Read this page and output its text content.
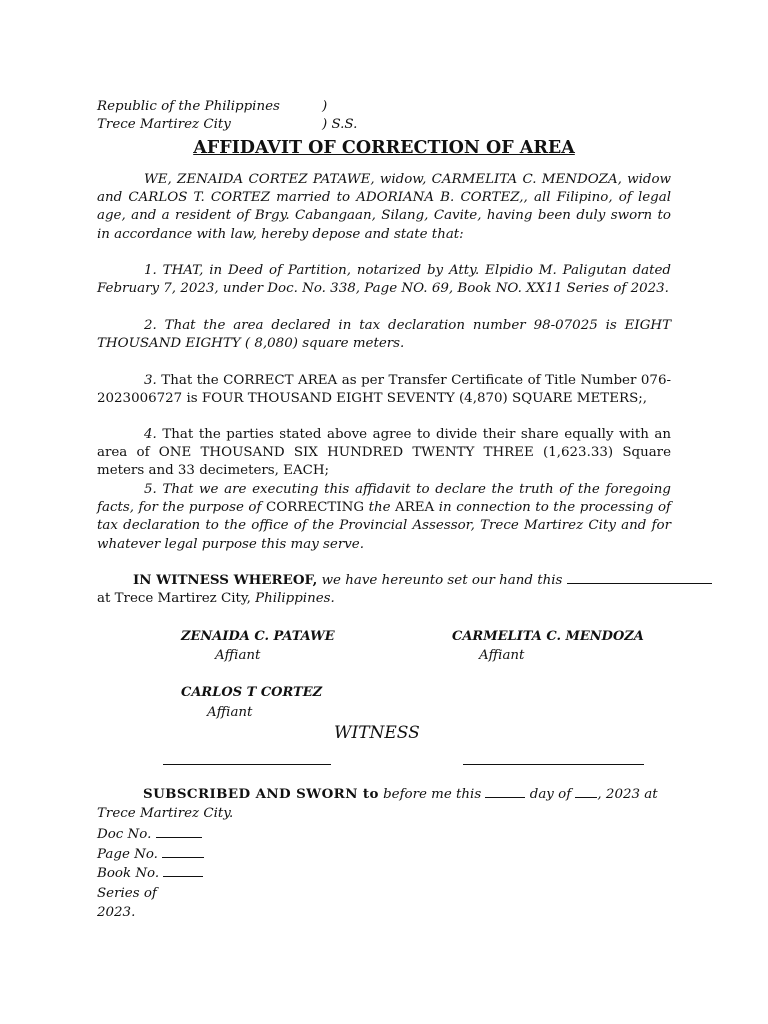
Republic of the Philippines	)
Trece Martirez City	) S.S.
AFFIDAVIT OF CORRECTION OF AREA
WE, ZENAIDA CORTEZ PATAWE, widow, CARMELITA C. MENDOZA, widow and CARLOS T. CORTEZ married to ADORIANA B. CORTEZ,, all Filipino, of legal age, and a resident of Brgy. Cabangaan, Silang, Cavite, having been duly sworn to in accordance with law, hereby depose and state that:
1. THAT, in Deed of Partition, notarized by Atty. Elpidio M. Paligutan dated February 7, 2023, under Doc. No. 338, Page NO. 69, Book NO. XX11 Series of 2023.
2. That the area declared in tax declaration number 98-07025 is EIGHT THOUSAND EIGHTY ( 8,080) square meters.
3. That the CORRECT AREA as per Transfer Certificate of Title Number 076-2023006727 is FOUR THOUSAND EIGHT SEVENTY (4,870) SQUARE METERS;,
4. That the parties stated above agree to divide their share equally with an area of ONE THOUSAND SIX HUNDRED TWENTY THREE (1,623.33) Square meters and 33 decimeters, EACH;
5. That we are executing this affidavit to declare the truth of the foregoing facts, for the purpose of CORRECTING the AREA in connection to the processing of tax declaration to the office of the Provincial Assessor, Trece Martirez City and for whatever legal purpose this may serve.
IN WITNESS WHEREOF, we have hereunto set our hand this
at Trece Martirez City, Philippines.
ZENAIDA C. PATAWE
Affiant
CARMELITA C. MENDOZA
Affiant
CARLOS T CORTEZ
Affiant
WITNESS
SUBSCRIBED AND SWORN to before me this	day of , 2023 at
Trece Martirez City.
Doc No.
Page No.
Book No.
Series of
2023.
